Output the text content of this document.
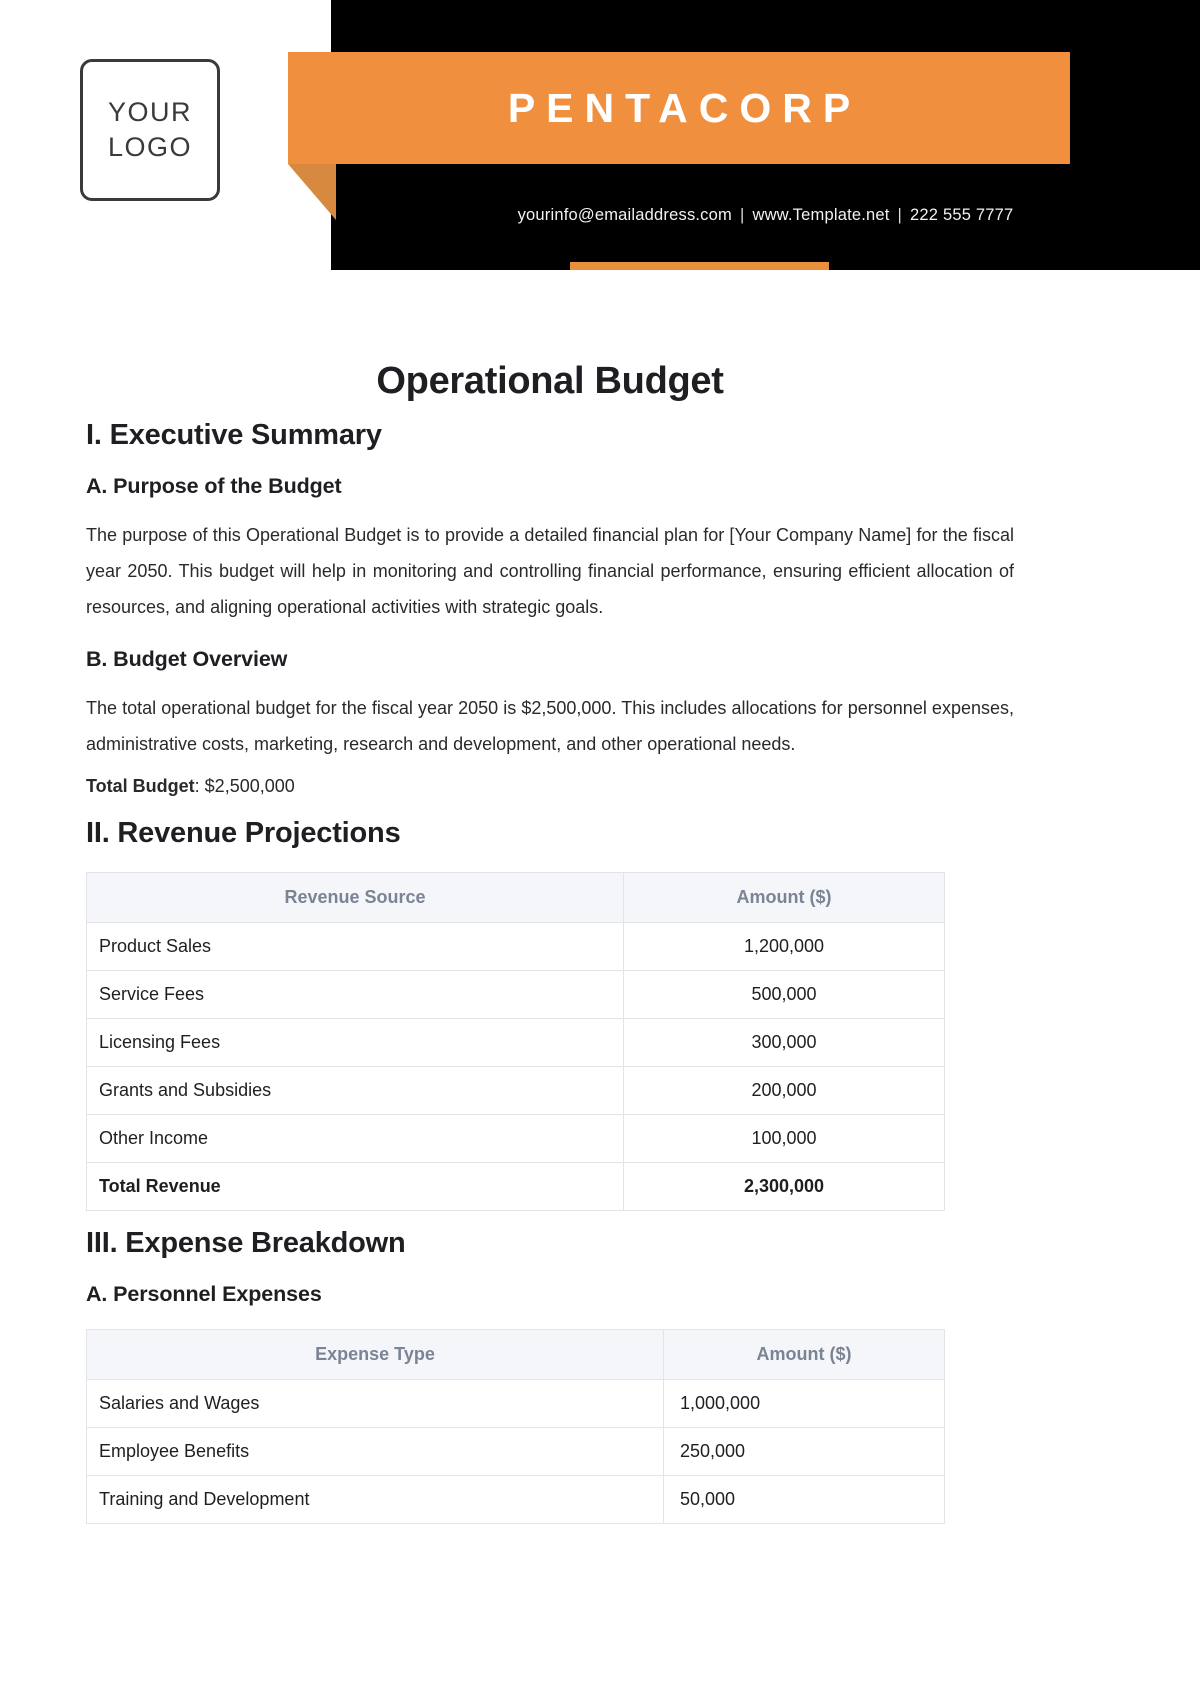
PENTACORP
yourinfo@emailaddress.com | www.Template.net | 222 555 7777
YOUR
LOGO
Operational Budget
I. Executive Summary
A. Purpose of the Budget

The purpose of this Operational Budget is to provide a detailed financial plan for [Your Company Name] for the fiscal year 2050. This budget will help in monitoring and controlling financial performance, ensuring efficient allocation of resources, and aligning operational activities with strategic goals.

B. Budget Overview

The total operational budget for the fiscal year 2050 is $2,500,000. This includes allocations for personnel expenses, administrative costs, marketing, research and development, and other operational needs.

Total Budget: $2,500,000

II. Revenue Projections
Revenue Source	Amount ($)
Product Sales	1,200,000
Service Fees	500,000
Licensing Fees	300,000
Grants and Subsidies	200,000
Other Income	100,000
Total Revenue	2,300,000
III. Expense Breakdown
A. Personnel Expenses
Expense Type	Amount ($)
Salaries and Wages	1,000,000
Employee Benefits	250,000
Training and Development	50,000
